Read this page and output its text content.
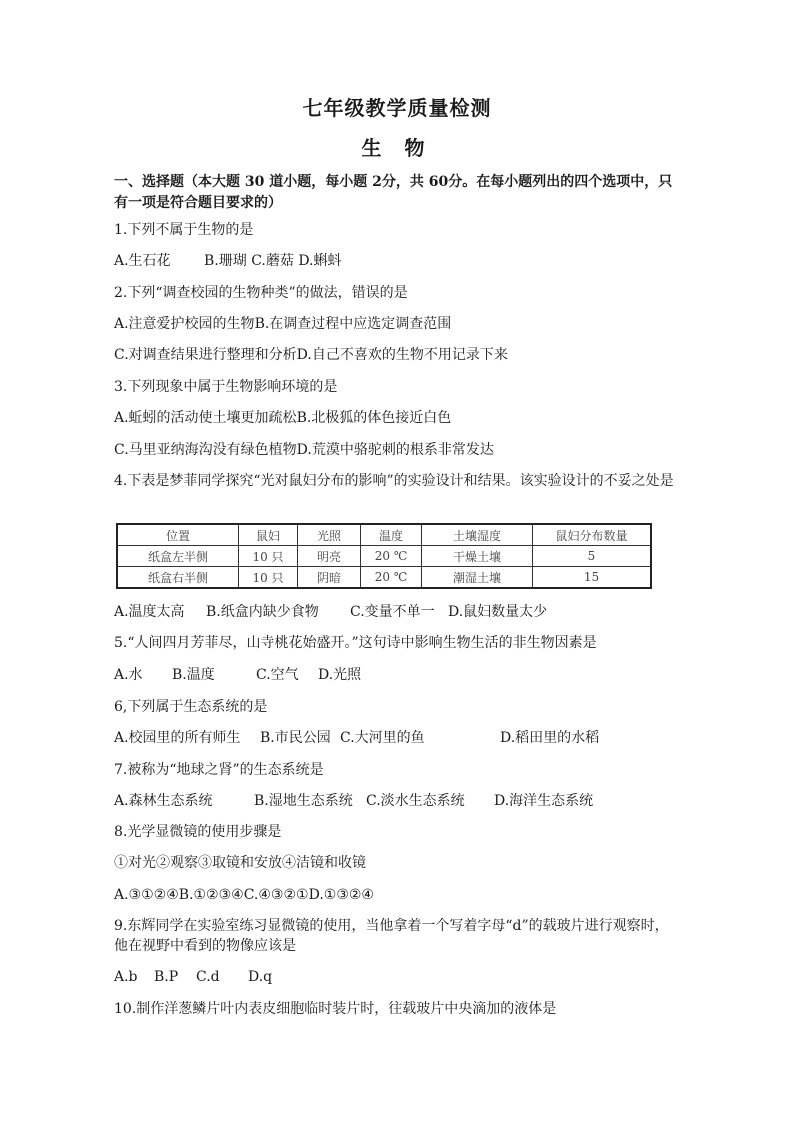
七年级教学质量检测
生 物
一、选择题（本大题 30 道小题，每小题 2分，共 60分。在每小题列出的四个选项中，只有一项是符合题目要求的）
1.下列不属于生物的是
A.生石花 B.珊瑚 C.蘑菇 D.蝌蚪
2.下列“调查校园的生物种类”的做法，错误的是
A.注意爱护校园的生物B.在调查过程中应选定调查范围
C.对调查结果进行整理和分析D.自己不喜欢的生物不用记录下来
3.下列现象中属于生物影响环境的是
A.蚯蚓的活动使土壤更加疏松B.北极狐的体色接近白色
C.马里亚纳海沟没有绿色植物D.荒漠中骆驼刺的根系非常发达
4.下表是梦菲同学探究“光对鼠妇分布的影响”的实验设计和结果。该实验设计的不妥之处是
位置	鼠妇	光照	温度	土壤湿度	鼠妇分布数量
纸盒左半侧	10 只	明亮	20 ℃	干燥土壤	5
纸盒右半侧	10 只	阴暗	20 ℃	潮湿土壤	15
A.温度太高 B.纸盒内缺少食物 C.变量不单一 D.鼠妇数量太少
5.“人间四月芳菲尽，山寺桃花始盛开。”这句诗中影响生物生活的非生物因素是
A.水 B.温度	C.空气 D.光照
6,下列属于生态系统的是
A.校园里的所有师生 B.市民公园 C.大河里的鱼	D.稻田里的水稻
7.被称为“地球之肾”的生态系统是
A.森林生态系统	B.湿地生态系统 C.淡水生态系统 D.海洋生态系统
8.光学显微镜的使用步骤是
①对光②观察③取镜和安放④洁镜和收镜
A.③①②④B.①②③④C.④③②①D.①③②④
9.东辉同学在实验室练习显微镜的使用，当他拿着一个写着字母“d”的载玻片进行观察时，
他在视野中看到的物像应该是
A.b B.P C.d D.q
10.制作洋葱鳞片叶内表皮细胞临时装片时，往载玻片中央滴加的液体是
